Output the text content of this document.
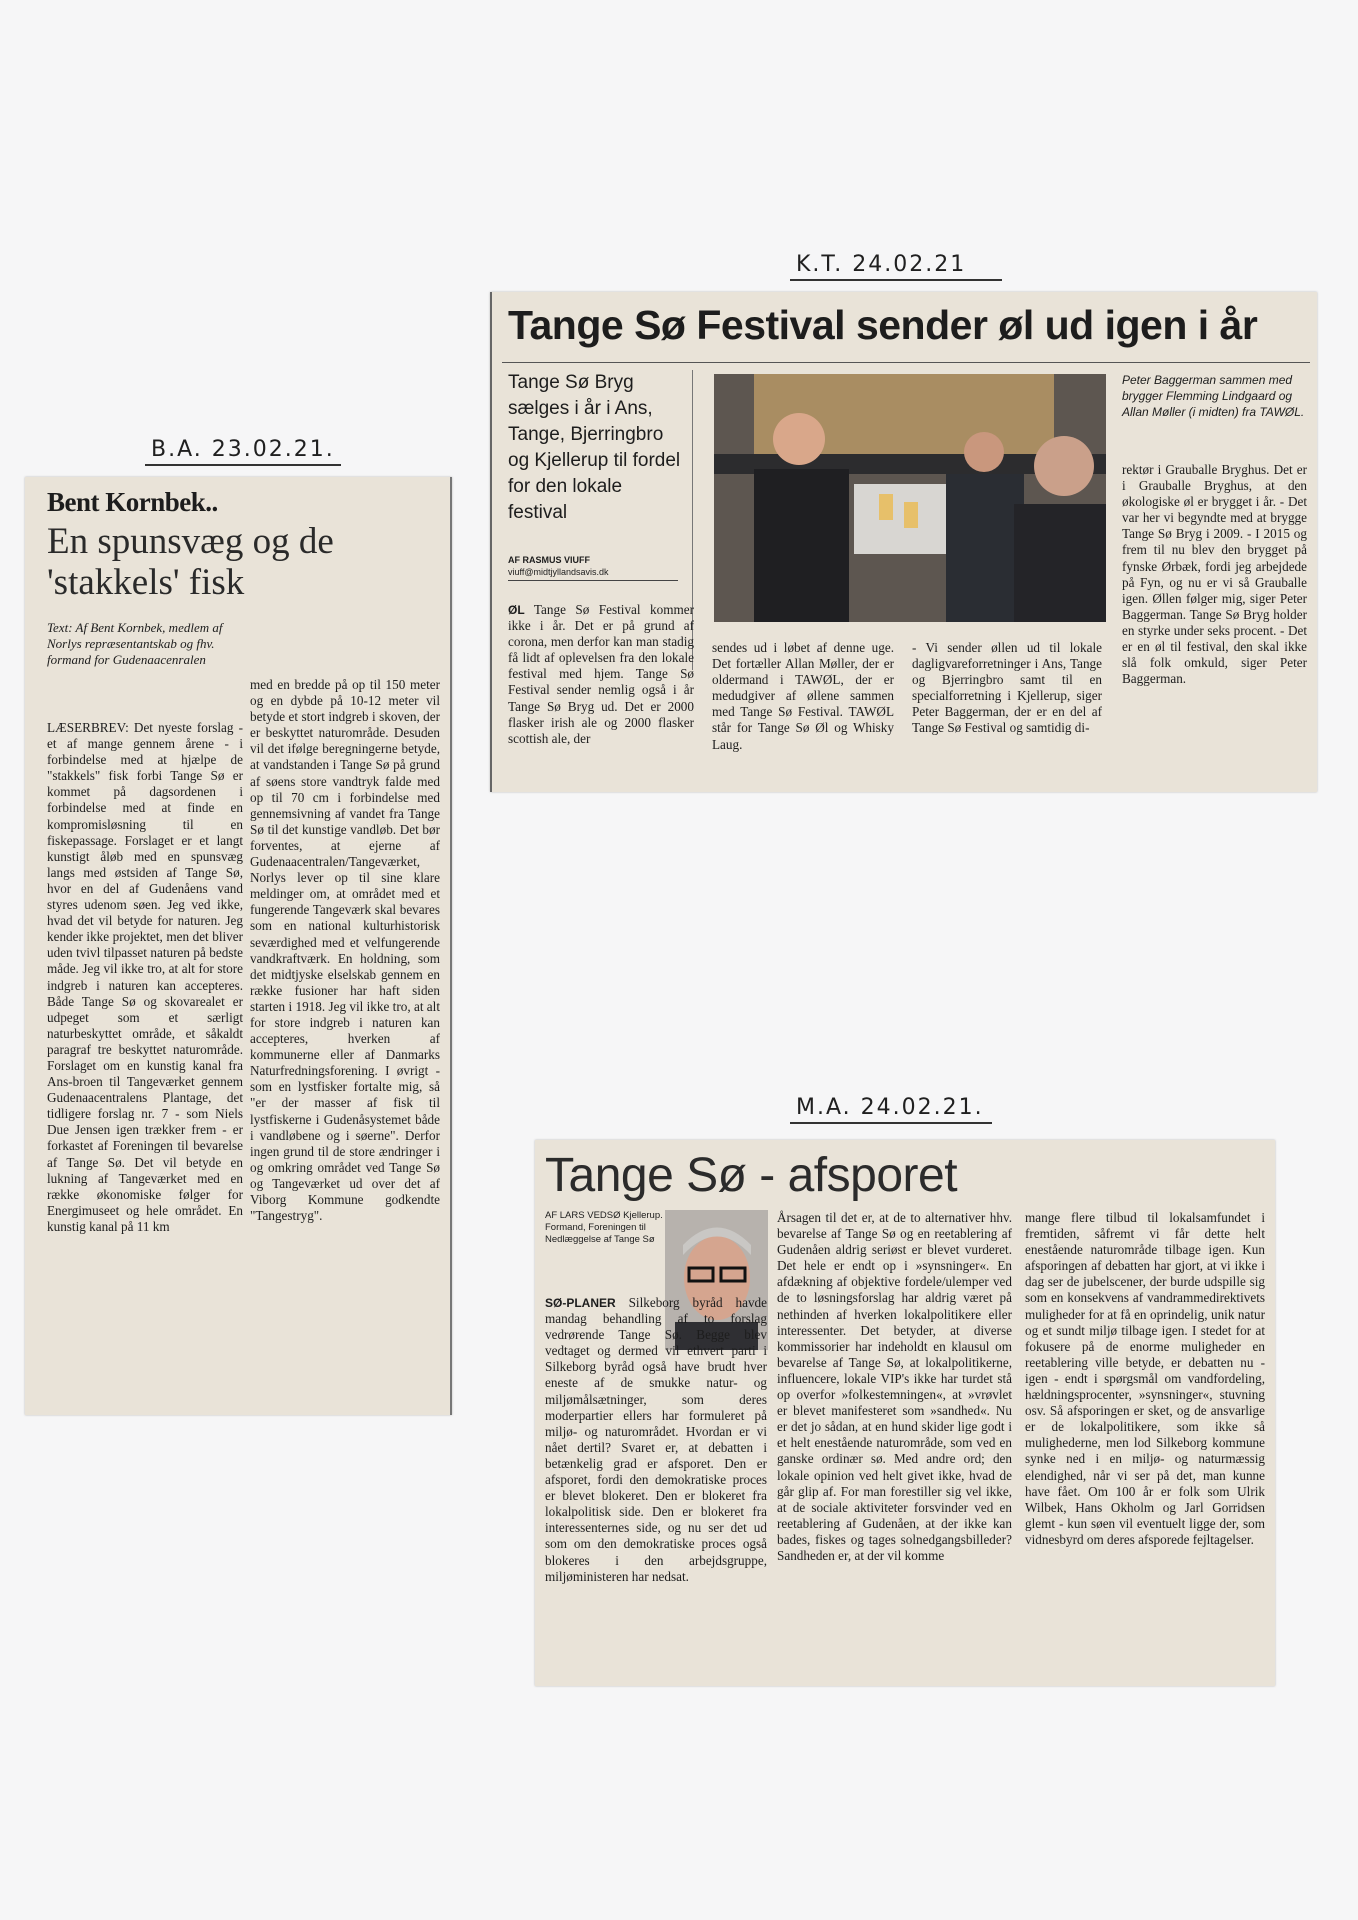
B.A. 23.02.21.
K.T. 24.02.21
M.A. 24.02.21.
Bent Kornbek..
En spunsvæg og de 'stakkels' fisk
Text: Af Bent Kornbek, medlem af Norlys repræsentantskab og fhv. formand for Gudenaacenralen
LÆSERBREV: Det nyeste forslag - et af mange gennem årene - i forbindelse med at hjælpe de "stakkels" fisk forbi Tange Sø er kommet på dagsordenen i forbindelse med at finde en kompromisløsning til en fiskepassage. Forslaget er et langt kunstigt åløb med en spunsvæg langs med østsiden af Tange Sø, hvor en del af Gudenåens vand styres udenom søen. Jeg ved ikke, hvad det vil betyde for naturen. Jeg kender ikke projektet, men det bliver uden tvivl tilpasset naturen på bedste måde. Jeg vil ikke tro, at alt for store indgreb i naturen kan accepteres. Både Tange Sø og skovarealet er udpeget som et særligt naturbeskyttet område, et såkaldt paragraf tre beskyttet naturområde. Forslaget om en kunstig kanal fra Ans-broen til Tangeværket gennem Gudenaacentralens Plantage, det tidligere forslag nr. 7 - som Niels Due Jensen igen trækker frem - er forkastet af Foreningen til bevarelse af Tange Sø. Det vil betyde en lukning af Tangeværket med en række økonomiske følger for Energimuseet og hele området. En kunstig kanal på 11 km
med en bredde på op til 150 meter og en dybde på 10-12 meter vil betyde et stort indgreb i skoven, der er beskyttet naturområde. Desuden vil det ifølge beregningerne betyde, at vandstanden i Tange Sø på grund af søens store vandtryk falde med op til 70 cm i forbindelse med gennemsivning af vandet fra Tange Sø til det kunstige vandløb. Det bør forventes, at ejerne af Gudenaacentralen/Tangeværket, Norlys lever op til sine klare meldinger om, at området med et fungerende Tangeværk skal bevares som en national kulturhistorisk seværdighed med et velfungerende vandkraftværk. En holdning, som det midtjyske elselskab gennem en række fusioner har haft siden starten i 1918. Jeg vil ikke tro, at alt for store indgreb i naturen kan accepteres, hverken af kommunerne eller af Danmarks Naturfredningsforening. I øvrigt - som en lystfisker fortalte mig, så "er der masser af fisk til lystfiskerne i Gudenåsystemet både i vandløbene og i søerne". Derfor ingen grund til de store ændringer i og omkring området ved Tange Sø og Tangeværket ud over det af Viborg Kommune godkendte "Tangestryg".
Tange Sø Festival sender øl ud igen i år
Tange Sø Bryg sælges i år i Ans, Tange, Bjerringbro og Kjellerup til fordel for den lokale festival
AF RASMUS VIUFF
viuff@midtjyllandsavis.dk
Peter Baggerman sammen med brygger Flemming Lindgaard og Allan Møller (i midten) fra TAWØL.
ØL Tange Sø Festival kommer ikke i år. Det er på grund af corona, men derfor kan man stadig få lidt af oplevelsen fra den lokale festival med hjem. Tange Sø Festival sender nemlig også i år Tange Sø Bryg ud. Det er 2000 flasker irish ale og 2000 flasker scottish ale, der
sendes ud i løbet af denne uge. Det fortæller Allan Møller, der er oldermand i TAWØL, der er medudgiver af øllene sammen med Tange Sø Festival. TAWØL står for Tange Sø Øl og Whisky Laug.
- Vi sender øllen ud til lokale dagligvareforretninger i Ans, Tange og Bjerringbro samt til en specialforretning i Kjellerup, siger Peter Baggerman, der er en del af Tange Sø Festival og samtidig di-
rektør i Grauballe Bryghus. Det er i Grauballe Bryghus, at den økologiske øl er brygget i år. - Det var her vi begyndte med at brygge Tange Sø Bryg i 2009. - I 2015 og frem til nu blev den brygget på fynske Ørbæk, fordi jeg arbejdede på Fyn, og nu er vi så Grauballe igen. Øllen følger mig, siger Peter Baggerman. Tange Sø Bryg holder en styrke under seks procent. - Det er en øl til festival, den skal ikke slå folk omkuld, siger Peter Baggerman.
Tange Sø - afsporet
AF LARS VEDSØ Kjellerup. Formand, Foreningen til Nedlæggelse af Tange Sø
SØ-PLANER Silkeborg byråd havde mandag behandling af to forslag vedrørende Tange Sø. Begge blev vedtaget og dermed vil ethvert parti i Silkeborg byråd også have brudt hver eneste af de smukke natur- og miljømålsætninger, som deres moderpartier ellers har formuleret på miljø- og naturområdet. Hvordan er vi nået dertil? Svaret er, at debatten i betænkelig grad er afsporet. Den er afsporet, fordi den demokratiske proces er blevet blokeret. Den er blokeret fra lokalpolitisk side. Den er blokeret fra interessenternes side, og nu ser det ud som om den demokratiske proces også blokeres i den arbejdsgruppe, miljøministeren har nedsat.
Årsagen til det er, at de to alternativer hhv. bevarelse af Tange Sø og en reetablering af Gudenåen aldrig seriøst er blevet vurderet. Det hele er endt op i »synsninger«. En afdækning af objektive fordele/ulemper ved de to løsningsforslag har aldrig været på nethinden af hverken lokalpolitikere eller interessenter. Det betyder, at diverse kommissorier har indeholdt en klausul om bevarelse af Tange Sø, at lokalpolitikerne, influencere, lokale VIP's ikke har turdet stå op overfor »folkestemningen«, at »vrøvlet er blevet manifesteret som »sandhed«. Nu er det jo sådan, at en hund skider lige godt i et helt enestående naturområde, som ved en ganske ordinær sø. Med andre ord; den lokale opinion ved helt givet ikke, hvad de går glip af. For man forestiller sig vel ikke, at de sociale aktiviteter forsvinder ved en reetablering af Gudenåen, at der ikke kan bades, fiskes og tages solnedgangsbilleder? Sandheden er, at der vil komme
mange flere tilbud til lokalsamfundet i fremtiden, såfremt vi får dette helt enestående naturområde tilbage igen. Kun afsporingen af debatten har gjort, at vi ikke i dag ser de jubelscener, der burde udspille sig som en konsekvens af vandrammedirektivets muligheder for at få en oprindelig, unik natur og et sundt miljø tilbage igen. I stedet for at fokusere på de enorme muligheder en reetablering ville betyde, er debatten nu - igen - endt i spørgsmål om vandfordeling, hældningsprocenter, »synsninger«, stuvning osv. Så afsporingen er sket, og de ansvarlige er de lokalpolitikere, som ikke så mulighederne, men lod Silkeborg kommune synke ned i en miljø- og naturmæssig elendighed, når vi ser på det, man kunne have fået. Om 100 år er folk som Ulrik Wilbek, Hans Okholm og Jarl Gorridsen glemt - kun søen vil eventuelt ligge der, som vidnesbyrd om deres afsporede fejltagelser.
